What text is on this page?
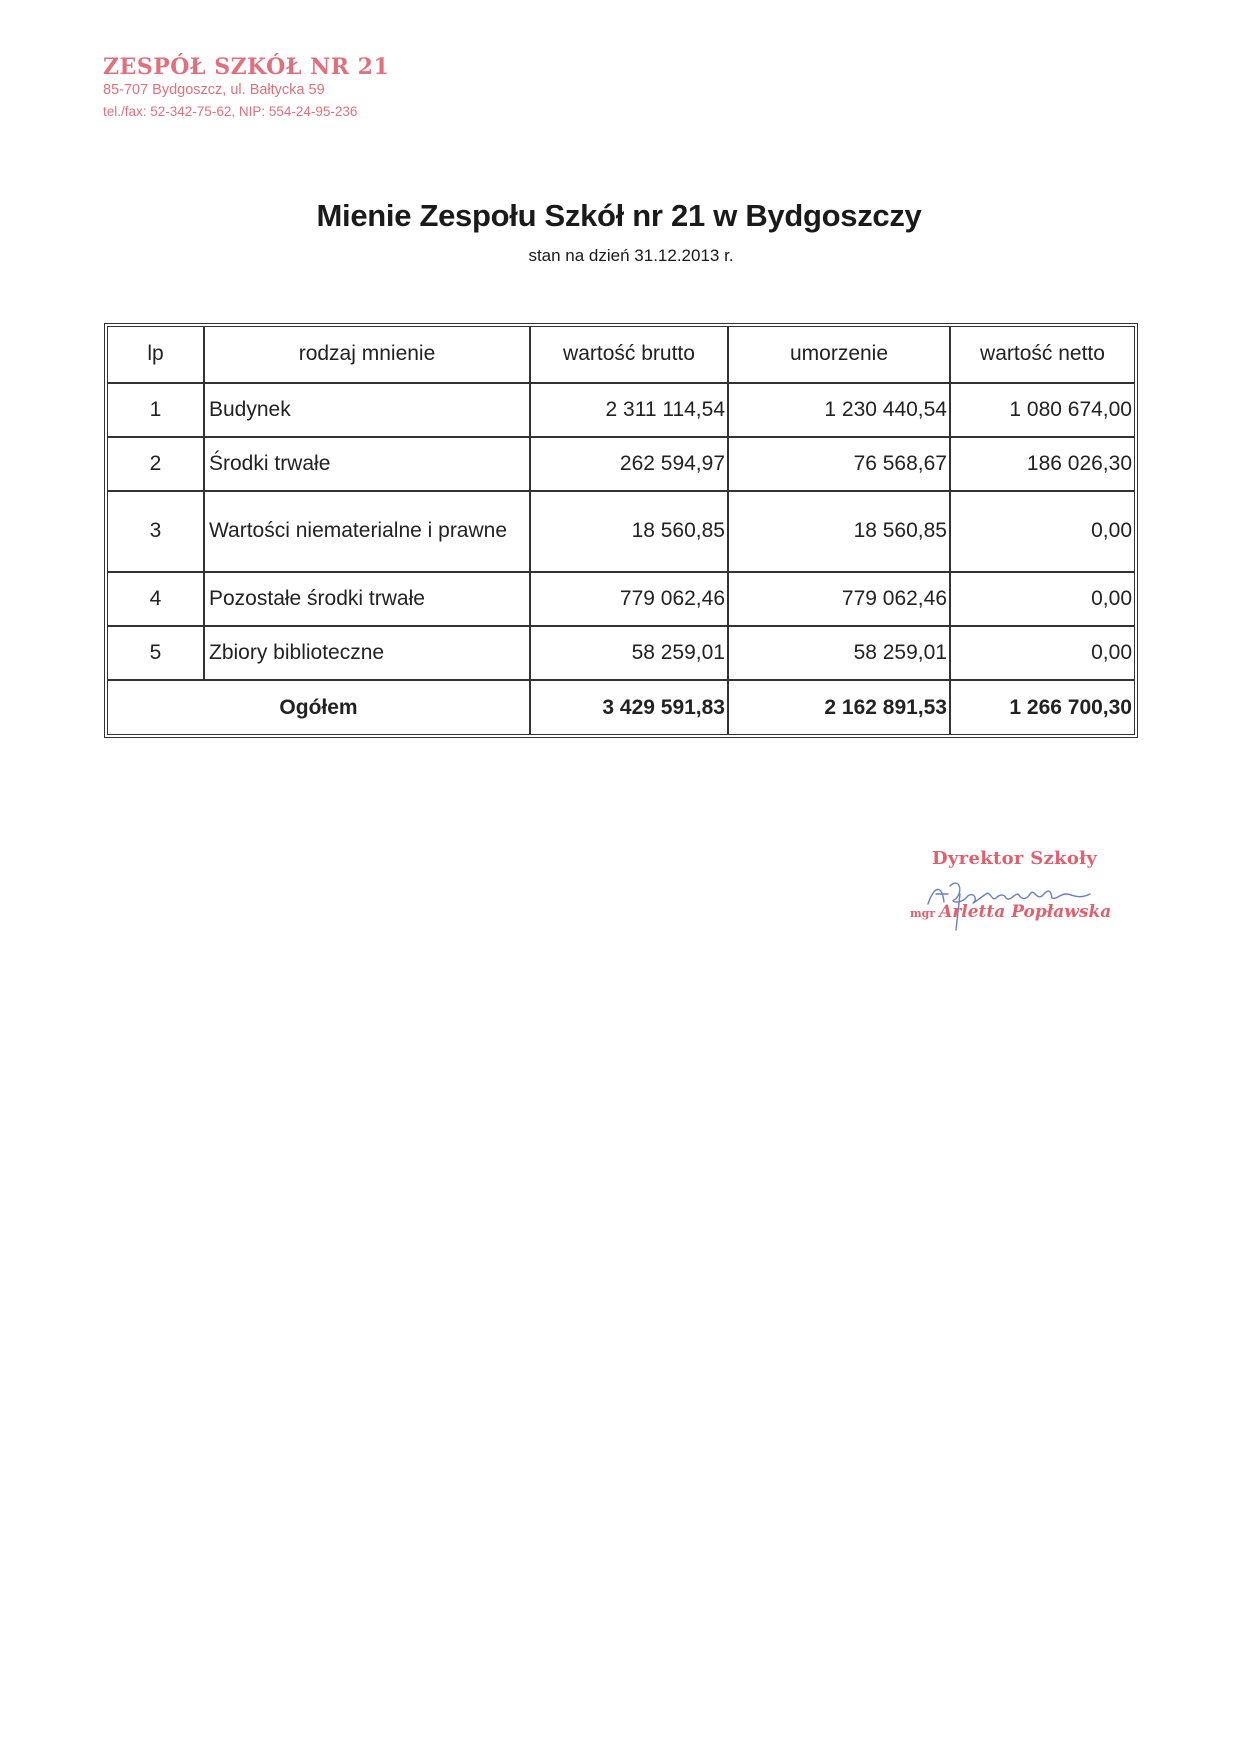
ZESPÓŁ SZKÓŁ NR 21
85-707 Bydgoszcz, ul. Bałtycka 59
tel./fax: 52-342-75-62, NIP: 554-24-95-236
Mienie Zespołu Szkół nr 21 w Bydgoszczy
stan na dzień 31.12.2013 r.
lp	rodzaj mnienie	wartość brutto	umorzenie	wartość netto
1	Budynek	2 311 114,54	1 230 440,54	1 080 674,00
2	Środki trwałe	262 594,97	76 568,67	186 026,30
3	Wartości niematerialne i prawne	18 560,85	18 560,85	0,00
4	Pozostałe środki trwałe	779 062,46	779 062,46	0,00
5	Zbiory biblioteczne	58 259,01	58 259,01	0,00
Ogółem		3 429 591,83	2 162 891,53	1 266 700,30
Dyrektor Szkoły
mgr Arletta Popławska
